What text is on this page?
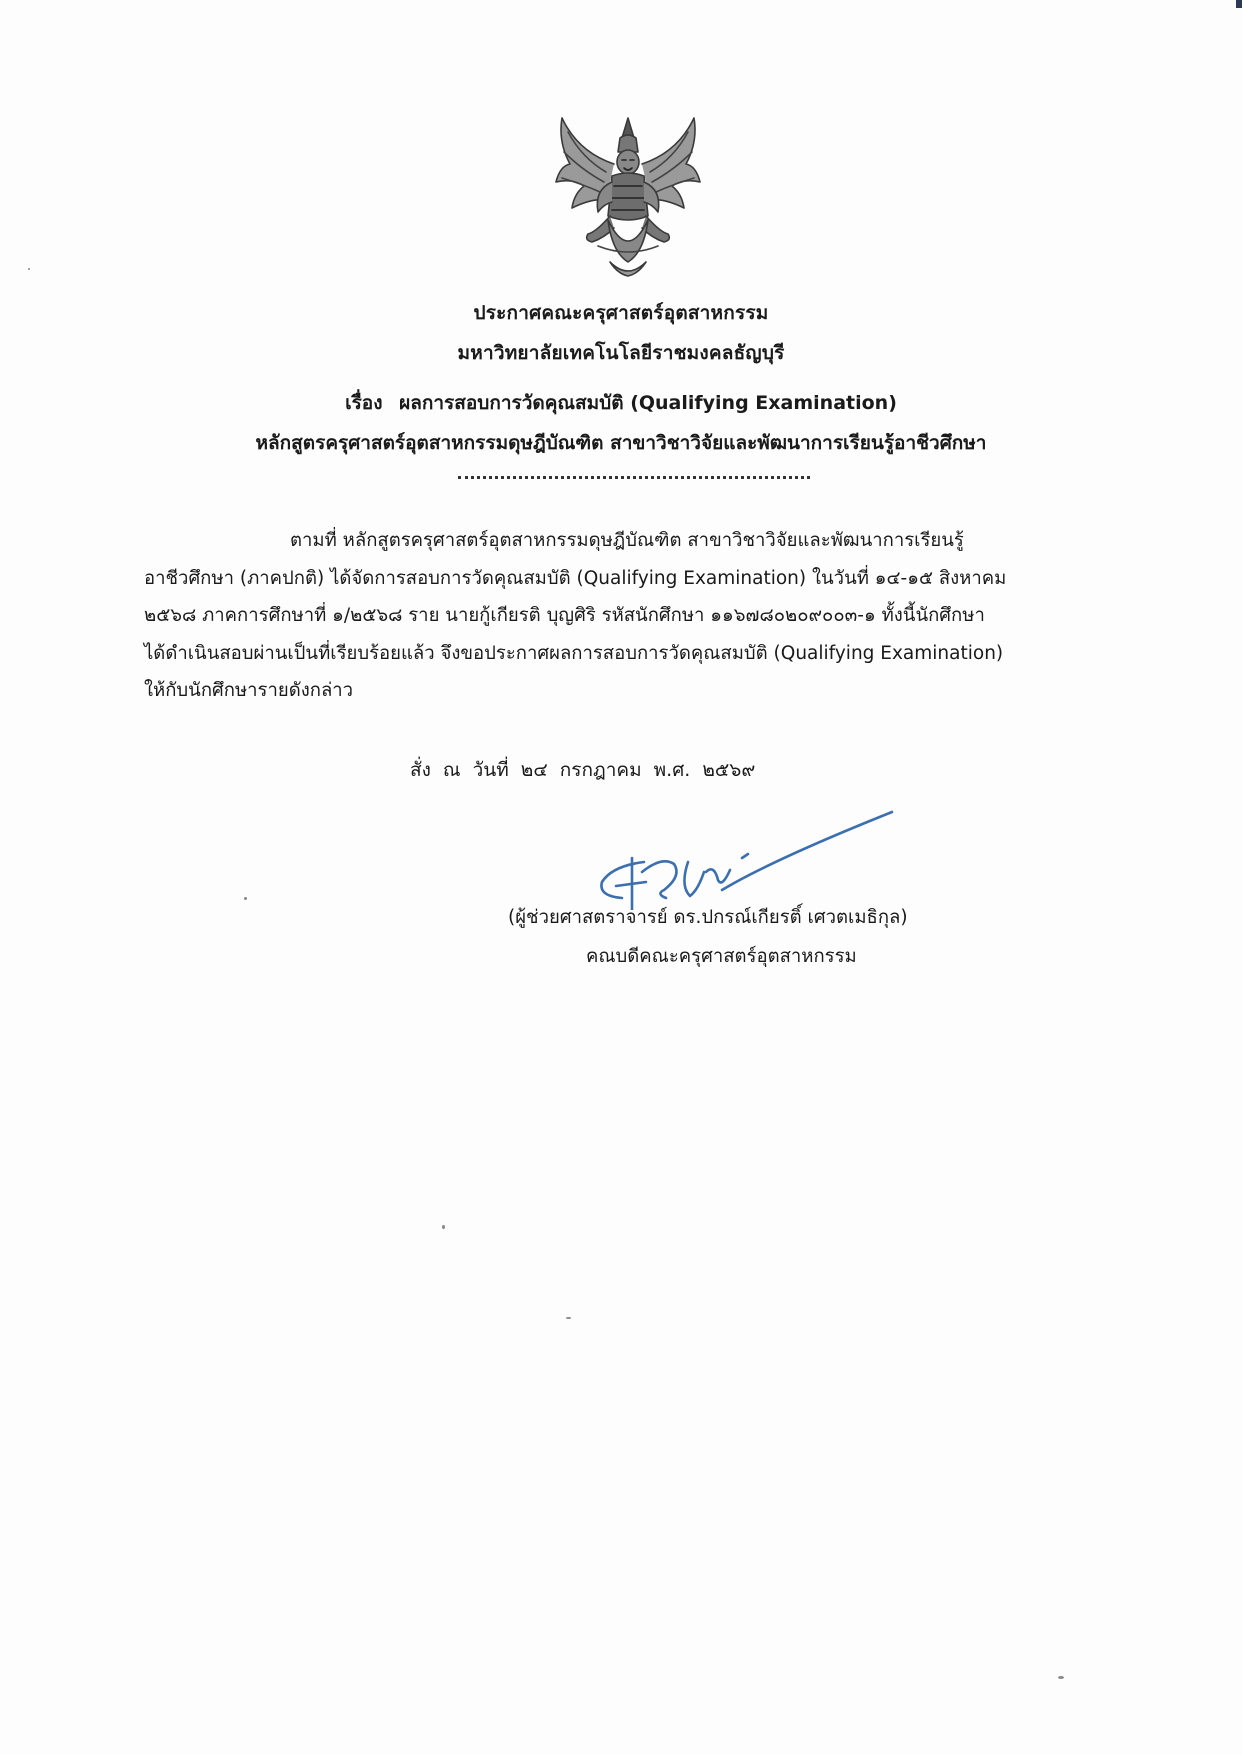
ประกาศคณะครุศาสตร์อุตสาหกรรม
มหาวิทยาลัยเทคโนโลยีราชมงคลธัญบุรี
เรื่อง ผลการสอบการวัดคุณสมบัติ (Qualifying Examination)
หลักสูตรครุศาสตร์อุตสาหกรรมดุษฎีบัณฑิต สาขาวิชาวิจัยและพัฒนาการเรียนรู้อาชีวศึกษา
ตามที่ หลักสูตรครุศาสตร์อุตสาหกรรมดุษฎีบัณฑิต สาขาวิชาวิจัยและพัฒนาการเรียนรู้
อาชีวศึกษา (ภาคปกติ) ได้จัดการสอบการวัดคุณสมบัติ (Qualifying Examination) ในวันที่ ๑๔-๑๕ สิงหาคม
๒๕๖๘ ภาคการศึกษาที่ ๑/๒๕๖๘ ราย นายกู้เกียรติ บุญศิริ รหัสนักศึกษา ๑๑๖๗๘๐๒๐๙๐๐๓-๑ ทั้งนี้นักศึกษา
ได้ดำเนินสอบผ่านเป็นที่เรียบร้อยแล้ว จึงขอประกาศผลการสอบการวัดคุณสมบัติ (Qualifying Examination)
ให้กับนักศึกษารายดังกล่าว
สั่ง ณ วันที่ ๒๔ กรกฎาคม พ.ศ. ๒๕๖๙
(ผู้ช่วยศาสตราจารย์ ดร.ปกรณ์เกียรติ์ เศวตเมธิกุล)
คณบดีคณะครุศาสตร์อุตสาหกรรม
